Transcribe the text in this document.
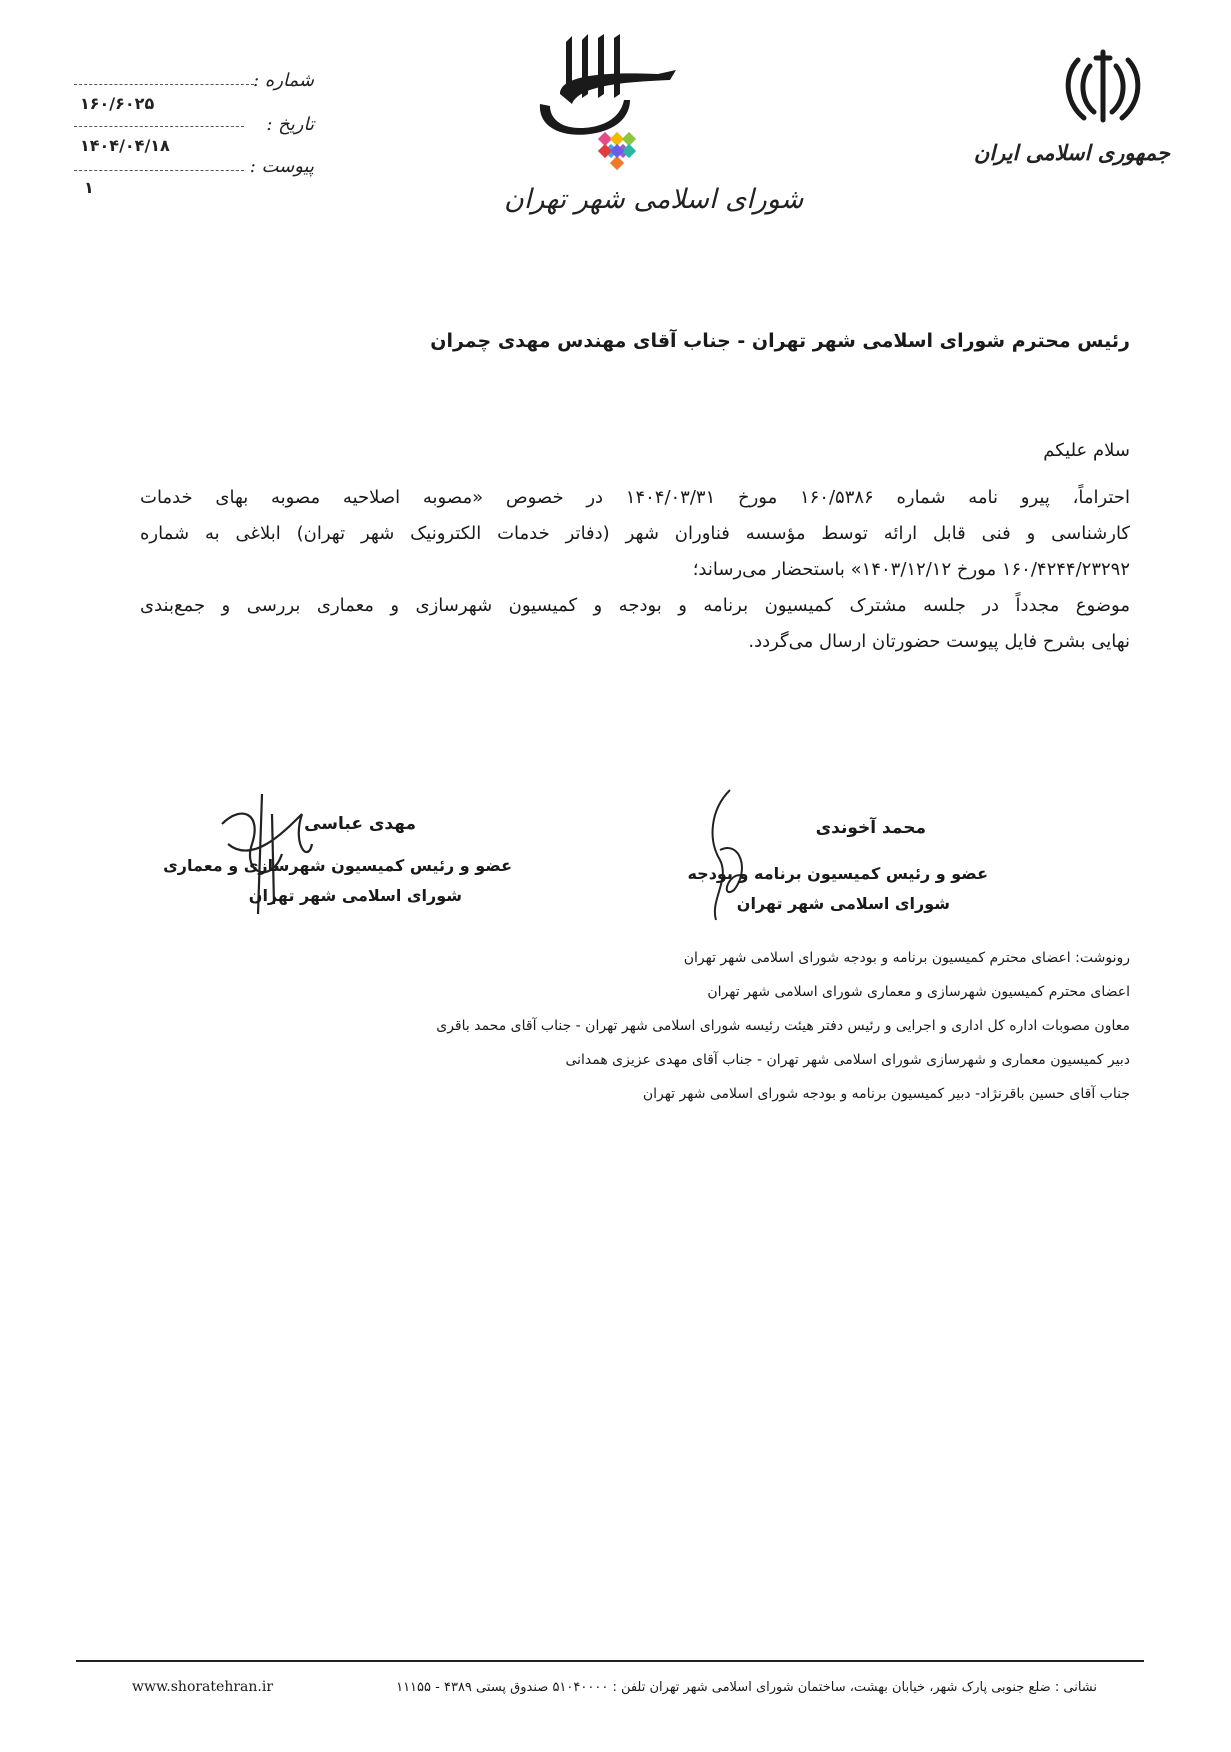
شماره :
۱۶۰/۶۰۲۵
تاریخ :
۱۴۰۴/۰۴/۱۸
پیوست :
۱	شورای اسلامی شهر تهران
جمهوری اسلامی ایران
رئیس محترم شورای اسلامی شهر تهران - جناب آقای مهندس مهدی چمران
سلام علیکم
احتراماً، پیرو نامه شماره ۱۶۰/۵۳۸۶ مورخ ۱۴۰۴/۰۳/۳۱ در خصوص «مصوبه اصلاحیه مصوبه بهای خدمات
کارشناسی و فنی قابل ارائه توسط مؤسسه فناوران شهر (دفاتر خدمات الکترونیک شهر تهران) ابلاغی به شماره
۱۶۰/۴۲۴۴/۲۳۲۹۲ مورخ ۱۴۰۳/۱۲/۱۲» باستحضار می‌رساند؛
موضوع مجدداً در جلسه مشترک کمیسیون برنامه و بودجه و کمیسیون شهرسازی و معماری بررسی و جمع‌بندی
نهایی بشرح فایل پیوست حضورتان ارسال می‌گردد.
محمد آخوندی
عضو و رئیس کمیسیون برنامه و بودجه
شورای اسلامی شهر تهران
مهدی عباسی
عضو و رئیس کمیسیون شهرسازی و معماری
شورای اسلامی شهر تهران
رونوشت: اعضای محترم کمیسیون برنامه و بودجه شورای اسلامی شهر تهران
اعضای محترم کمیسیون شهرسازی و معماری شورای اسلامی شهر تهران
معاون مصوبات اداره کل اداری و اجرایی و رئیس دفتر هیئت رئیسه شورای اسلامی شهر تهران - جناب آقای محمد باقری
دبیر کمیسیون معماری و شهرسازی شورای اسلامی شهر تهران - جناب آقای مهدی عزیزی همدانی
جناب آقای حسین باقرنژاد- دبیر کمیسیون برنامه و بودجه شورای اسلامی شهر تهران
نشانی : ضلع جنوبی پارک شهر، خیابان بهشت، ساختمان شورای اسلامی شهر تهران تلفن : ۵۱۰۴۰۰۰۰ صندوق پستی ۴۳۸۹ - ۱۱۱۵۵
www.shoratehran.ir
